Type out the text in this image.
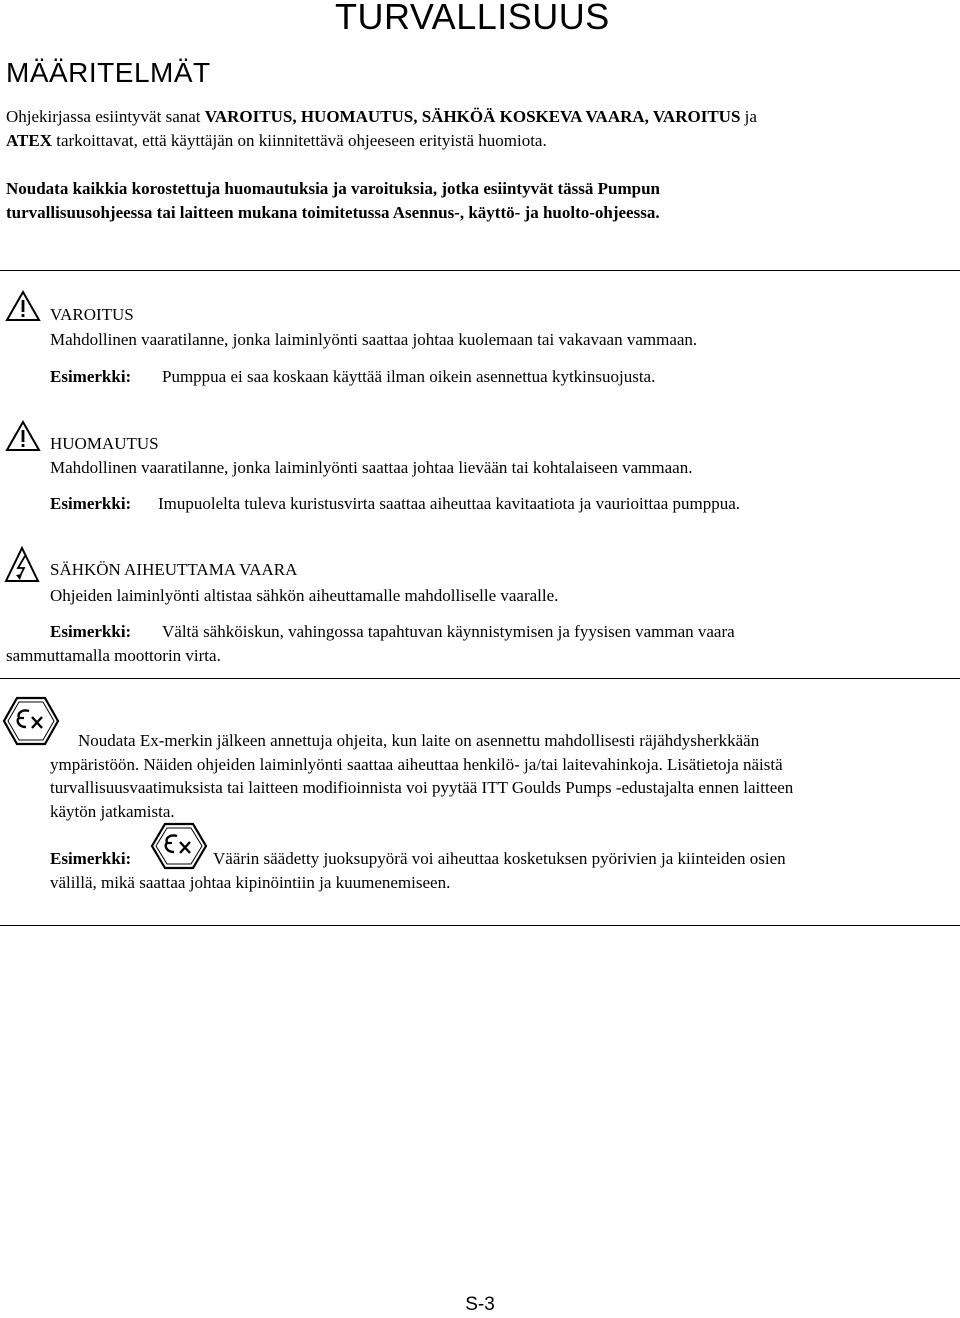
TURVALLISUUS
MÄÄRITELMÄT
Ohjekirjassa esiintyvät sanat VAROITUS, HUOMAUTUS, SÄHKÖÄ KOSKEVA VAARA, VAROITUS ja
ATEX tarkoittavat, että käyttäjän on kiinnitettävä ohjeeseen erityistä huomiota.
Noudata kaikkia korostettuja huomautuksia ja varoituksia, jotka esiintyvät tässä Pumpun
turvallisuusohjeessa tai laitteen mukana toimitetussa Asennus-, käyttö- ja huolto-ohjeessa.
VAROITUS
Mahdollinen vaaratilanne, jonka laiminlyönti saattaa johtaa kuolemaan tai vakavaan vammaan.
Esimerkki: Pumppua ei saa koskaan käyttää ilman oikein asennettua kytkinsuojusta.
HUOMAUTUS
Mahdollinen vaaratilanne, jonka laiminlyönti saattaa johtaa lievään tai kohtalaiseen vammaan.
Esimerkki: Imupuolelta tuleva kuristusvirta saattaa aiheuttaa kavitaatiota ja vaurioittaa pumppua.
SÄHKÖN AIHEUTTAMA VAARA
Ohjeiden laiminlyönti altistaa sähkön aiheuttamalle mahdolliselle vaaralle.
Esimerkki: Vältä sähköiskun, vahingossa tapahtuvan käynnistymisen ja fyysisen vamman vaara
sammuttamalla moottorin virta.
Noudata Ex-merkin jälkeen annettuja ohjeita, kun laite on asennettu mahdollisesti räjähdysherkkään
ympäristöön. Näiden ohjeiden laiminlyönti saattaa aiheuttaa henkilö- ja/tai laitevahinkoja. Lisätietoja näistä
turvallisuusvaatimuksista tai laitteen modifioinnista voi pyytää ITT Goulds Pumps -edustajalta ennen laitteen
käytön jatkamista.
Esimerkki:	Väärin säädetty juoksupyörä voi aiheuttaa kosketuksen pyörivien ja kiinteiden osien
välillä, mikä saattaa johtaa kipinöintiin ja kuumenemiseen.
S-3
